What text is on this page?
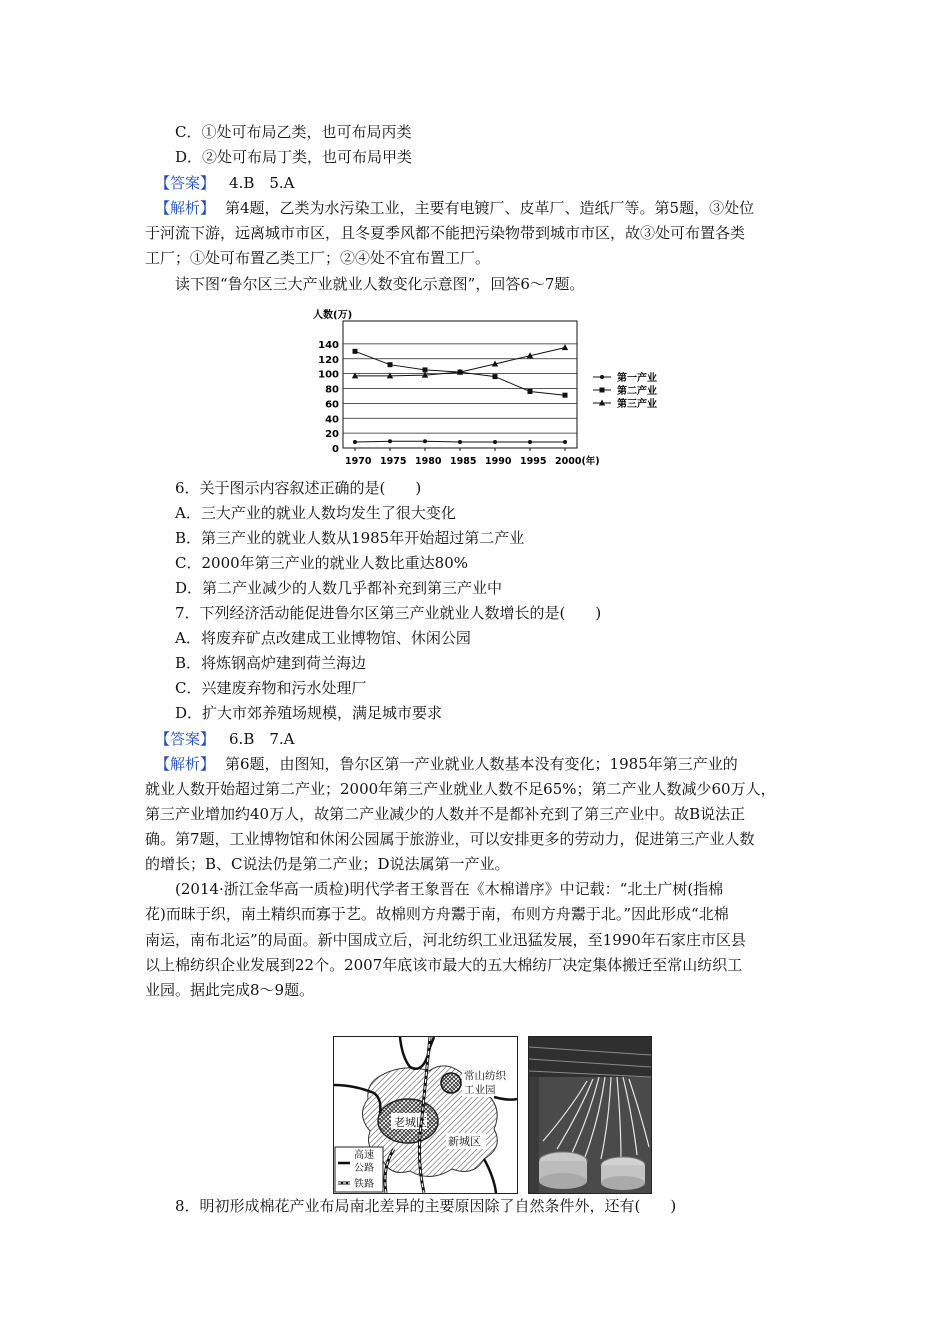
C．①处可布局乙类，也可布局丙类
D．②处可布局丁类，也可布局甲类
【答案】 4.B　5.A
【解析】 第4题，乙类为水污染工业，主要有电镀厂、皮革厂、造纸厂等。第5题，③处位
于河流下游，远离城市市区，且冬夏季风都不能把污染物带到城市市区，故③处可布置各类
工厂；①处可布置乙类工厂；②④处不宜布置工厂。
读下图“鲁尔区三大产业就业人数变化示意图”，回答6～7题。
0
20
40
60
80
100
120
140
人数(万)
1970 1975 1980 1985 1990 1995 2000(年)
第一产业
第二产业
第三产业
6．关于图示内容叙述正确的是(　　)
A．三大产业的就业人数均发生了很大变化
B．第三产业的就业人数从1985年开始超过第二产业
C．2000年第三产业的就业人数比重达80%
D．第二产业减少的人数几乎都补充到第三产业中
7．下列经济活动能促进鲁尔区第三产业就业人数增长的是(　　)
A．将废弃矿点改建成工业博物馆、休闲公园
B．将炼钢高炉建到荷兰海边
C．兴建废弃物和污水处理厂
D．扩大市郊养殖场规模，满足城市要求
【答案】 6.B　7.A
【解析】 第6题，由图知，鲁尔区第一产业就业人数基本没有变化；1985年第三产业的
就业人数开始超过第二产业；2000年第三产业就业人数不足65%；第二产业人数减少60万人，
第三产业增加约40万人，故第二产业减少的人数并不是都补充到了第三产业中。故B说法正
确。第7题，工业博物馆和休闲公园属于旅游业，可以安排更多的劳动力，促进第三产业人数
的增长；B、C说法仍是第二产业；D说法属第一产业。
(2014·浙江金华高一质检)明代学者王象晋在《木棉谱序》中记载：“北土广树(指棉
花)而昧于织，南土精织而寡于艺。故棉则方舟鬻于南，布则方舟鬻于北。”因此形成“北棉
南运，南布北运”的局面。新中国成立后，河北纺织工业迅猛发展，至1990年石家庄市区县
以上棉纺织企业发展到22个。2007年底该市最大的五大棉纺厂决定集体搬迁至常山纺织工
业园。据此完成8～9题。
老城区
新城区
常山纺织
工业园
高速
公路
铁路
8．明初形成棉花产业布局南北差异的主要原因除了自然条件外，还有(　　)
